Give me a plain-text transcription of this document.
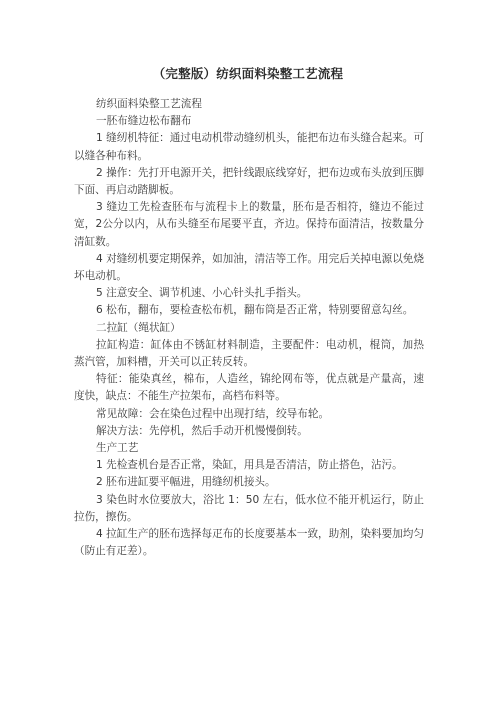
（完整版）纺织面料染整工艺流程

纺织面料染整工艺流程

一胚布缝边松布翻布

1 缝纫机特征：通过电动机带动缝纫机头，能把布边布头缝合起来。可以缝各种布料。

2 操作：先打开电源开关，把针线跟底线穿好，把布边或布头放到压脚下面、再启动踏脚板。

3 缝边工先检查胚布与流程卡上的数量，胚布是否相符，缝边不能过宽，2公分以内，从布头缝至布尾要平直，齐边。保持布面清洁，按数量分清缸数。

4 对缝纫机要定期保养，如加油，清洁等工作。用完后关掉电源以免烧坏电动机。

5 注意安全、调节机速、小心针头扎手指头。

6 松布，翻布，要检查松布机，翻布筒是否正常，特别要留意勾丝。

二拉缸（绳状缸）

拉缸构造：缸体由不锈缸材料制造，主要配件：电动机，棍筒，加热蒸汽管，加料槽，开关可以正转反转。

特征：能染真丝，棉布，人造丝，锦纶网布等，优点就是产量高，速度快，缺点：不能生产拉架布，高档布料等。

常见故障：会在染色过程中出现打结，绞导布轮。

解决方法：先停机，然后手动开机慢慢倒转。

生产工艺

1 先检查机台是否正常，染缸，用具是否清洁，防止搭色，沾污。

2 胚布进缸要平幅进，用缝纫机接头。

3 染色时水位要放大，浴比 1：50 左右，低水位不能开机运行，防止拉伤，擦伤。

4 拉缸生产的胚布选择每疋布的长度要基本一致，助剂，染料要加均匀（防止有疋差）。
